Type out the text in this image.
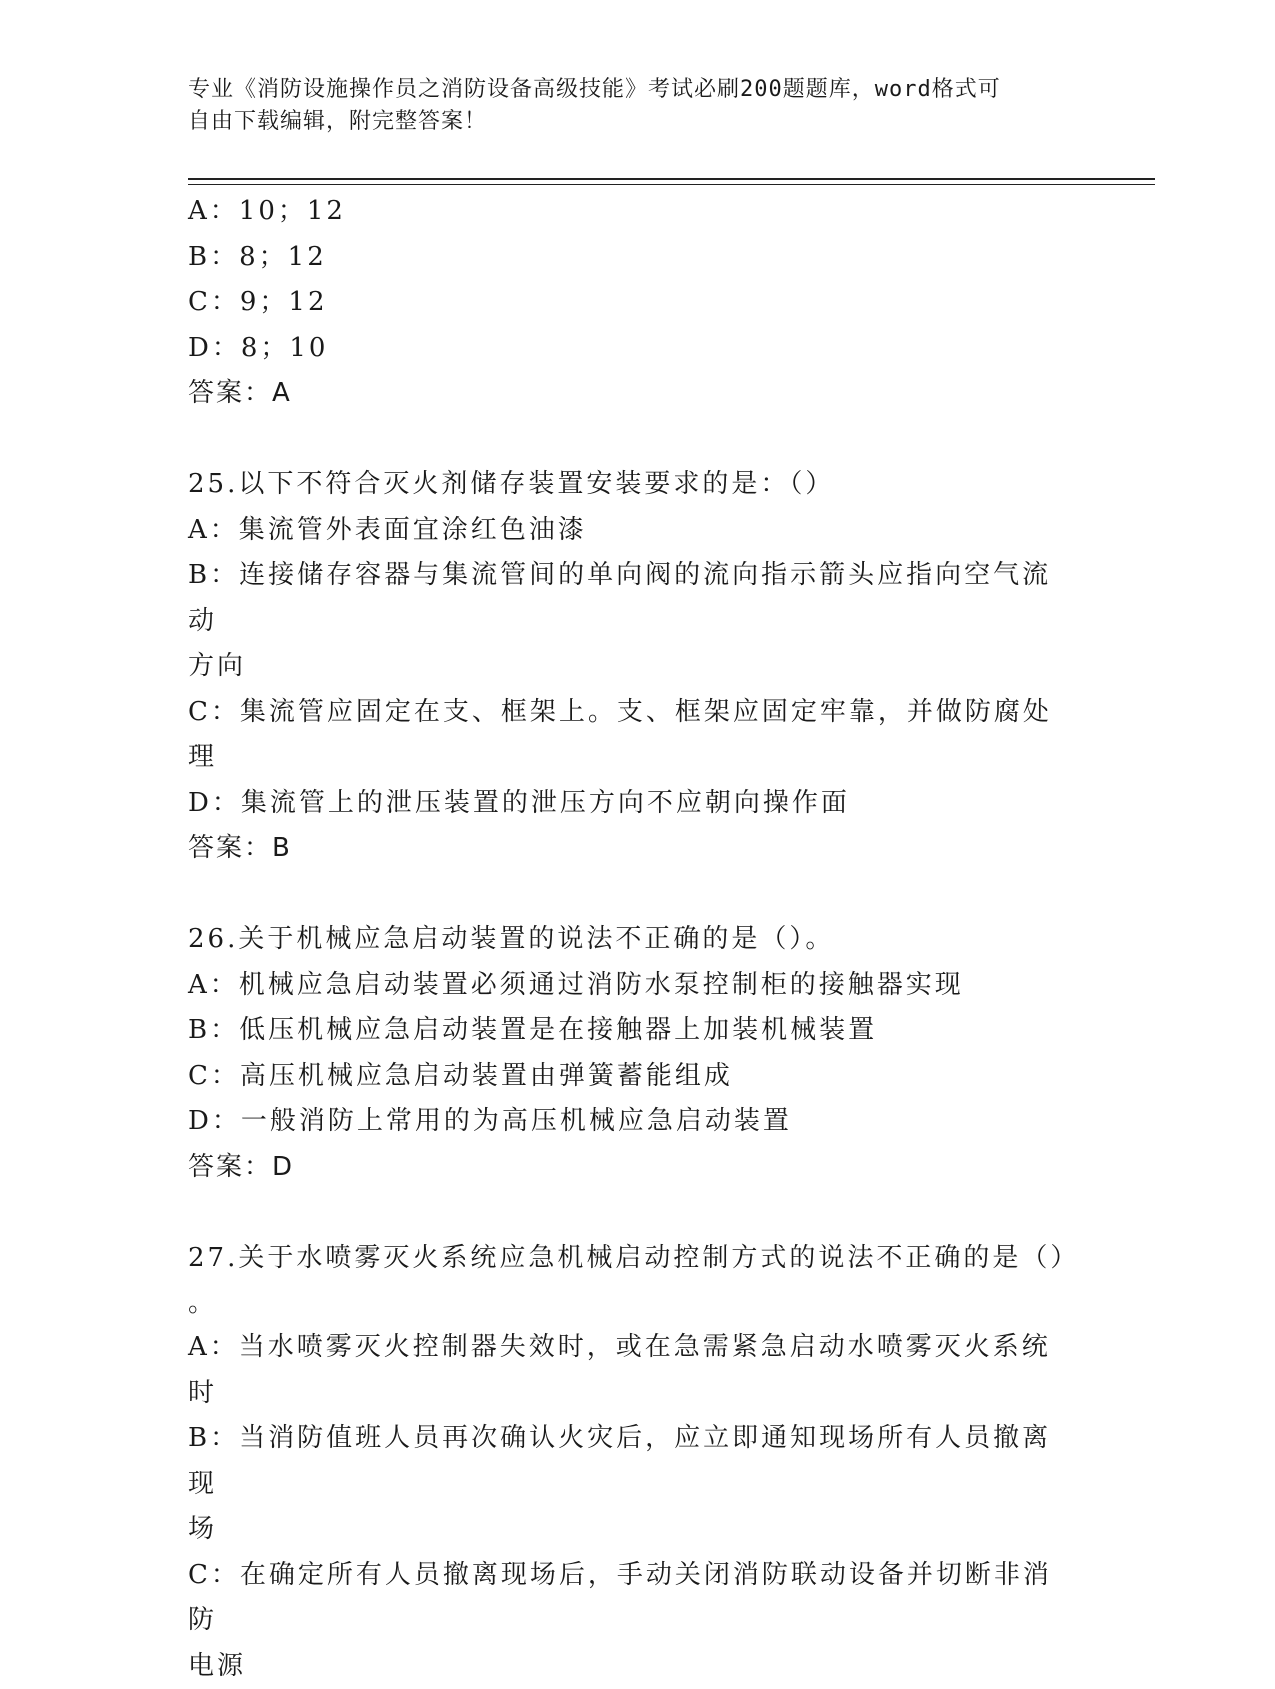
专业《消防设施操作员之消防设备高级技能》考试必刷200题题库，word格式可
自由下载编辑，附完整答案！
A：10；12
B：8；12
C：9；12
D：8；10
答案：A
25.以下不符合灭火剂储存装置安装要求的是：（）
A：集流管外表面宜涂红色油漆
B：连接储存容器与集流管间的单向阀的流向指示箭头应指向空气流动
方向
C：集流管应固定在支、框架上。支、框架应固定牢靠，并做防腐处理
D：集流管上的泄压装置的泄压方向不应朝向操作面
答案：B
26.关于机械应急启动装置的说法不正确的是（）。
A：机械应急启动装置必须通过消防水泵控制柜的接触器实现
B：低压机械应急启动装置是在接触器上加装机械装置
C：高压机械应急启动装置由弹簧蓄能组成
D：一般消防上常用的为高压机械应急启动装置
答案：D
27.关于水喷雾灭火系统应急机械启动控制方式的说法不正确的是（）
。
A：当水喷雾灭火控制器失效时，或在急需紧急启动水喷雾灭火系统时
B：当消防值班人员再次确认火灾后，应立即通知现场所有人员撤离现
场
C：在确定所有人员撤离现场后，手动关闭消防联动设备并切断非消防
电源
